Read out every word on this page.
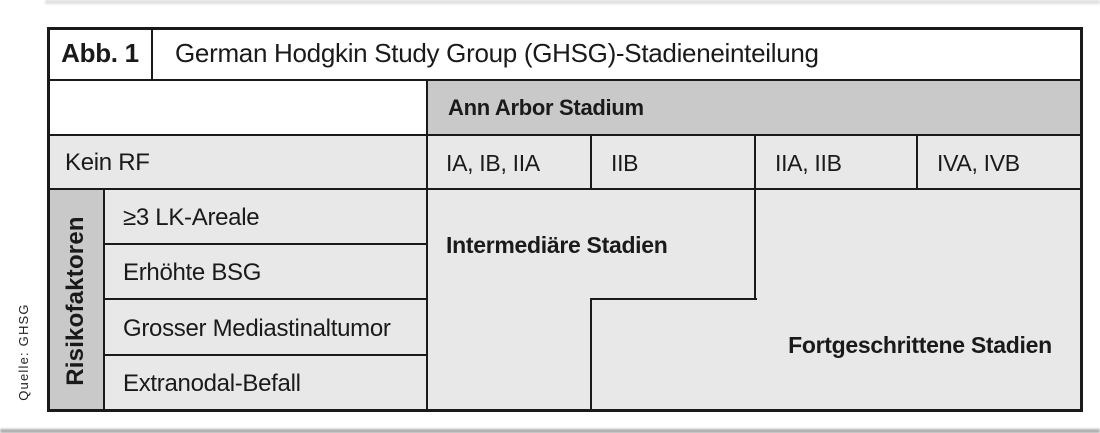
Quelle: GHSG
Abb. 1	German Hodgkin Study Group (GHSG)-Stadieneinteilung
Ann Arbor Stadium
Kein RF	IA, IB, IIA	IIB	IIA, IIB	IVA, IVB
Risikofaktoren	≥3 LK-Areale
Erhöhte BSG
Grosser Mediastinaltumor
Extranodal-Befall
Intermediäre Stadien
Fortgeschrittene Stadien
